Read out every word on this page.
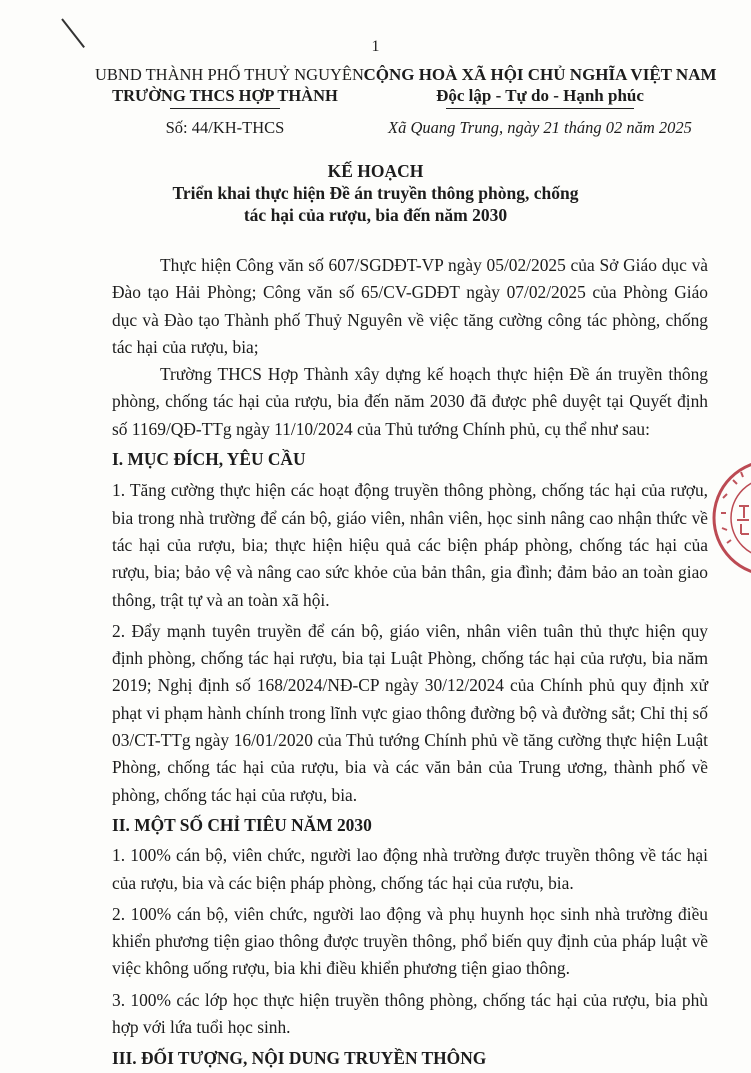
1
UBND THÀNH PHỐ THUỶ NGUYÊN
TRƯỜNG THCS HỢP THÀNH
CỘNG HOÀ XÃ HỘI CHỦ NGHĨA VIỆT NAM
Độc lập - Tự do - Hạnh phúc
Số: 44/KH-THCS	Xã Quang Trung, ngày 21 tháng 02 năm 2025
KẾ HOẠCH
Triển khai thực hiện Đề án truyền thông phòng, chống tác hại của rượu, bia đến năm 2030

Thực hiện Công văn số 607/SGDĐT-VP ngày 05/02/2025 của Sở Giáo dục và Đào tạo Hải Phòng; Công văn số 65/CV-GDĐT ngày 07/02/2025 của Phòng Giáo dục và Đào tạo Thành phố Thuỷ Nguyên về việc tăng cường công tác phòng, chống tác hại của rượu, bia;

Trường THCS Hợp Thành xây dựng kế hoạch thực hiện Đề án truyền thông phòng, chống tác hại của rượu, bia đến năm 2030 đã được phê duyệt tại Quyết định số 1169/QĐ-TTg ngày 11/10/2024 của Thủ tướng Chính phủ, cụ thể như sau:

I. MỤC ĐÍCH, YÊU CẦU

1. Tăng cường thực hiện các hoạt động truyền thông phòng, chống tác hại của rượu, bia trong nhà trường để cán bộ, giáo viên, nhân viên, học sinh nâng cao nhận thức về tác hại của rượu, bia; thực hiện hiệu quả các biện pháp phòng, chống tác hại của rượu, bia; bảo vệ và nâng cao sức khỏe của bản thân, gia đình; đảm bảo an toàn giao thông, trật tự và an toàn xã hội.

2. Đẩy mạnh tuyên truyền để cán bộ, giáo viên, nhân viên tuân thủ thực hiện quy định phòng, chống tác hại rượu, bia tại Luật Phòng, chống tác hại của rượu, bia năm 2019; Nghị định số 168/2024/NĐ-CP ngày 30/12/2024 của Chính phủ quy định xử phạt vi phạm hành chính trong lĩnh vực giao thông đường bộ và đường sắt; Chỉ thị số 03/CT-TTg ngày 16/01/2020 của Thủ tướng Chính phủ về tăng cường thực hiện Luật Phòng, chống tác hại của rượu, bia và các văn bản của Trung ương, thành phố về phòng, chống tác hại của rượu, bia.

II. MỘT SỐ CHỈ TIÊU NĂM 2030

1. 100% cán bộ, viên chức, người lao động nhà trường được truyền thông về tác hại của rượu, bia và các biện pháp phòng, chống tác hại của rượu, bia.

2. 100% cán bộ, viên chức, người lao động và phụ huynh học sinh nhà trường điều khiển phương tiện giao thông được truyền thông, phổ biến quy định của pháp luật về việc không uống rượu, bia khi điều khiển phương tiện giao thông.

3. 100% các lớp học thực hiện truyền thông phòng, chống tác hại của rượu, bia phù hợp với lứa tuổi học sinh.

III. ĐỐI TƯỢNG, NỘI DUNG TRUYỀN THÔNG
